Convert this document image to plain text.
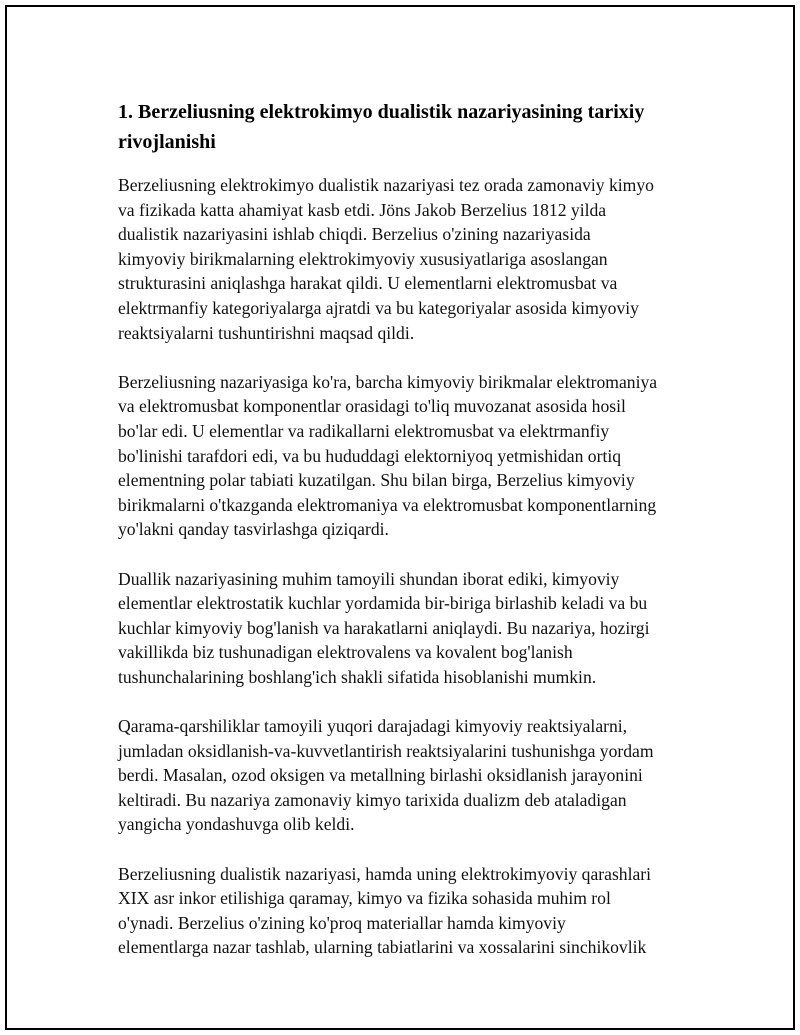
1. Berzeliusning elektrokimyo dualistik nazariyasining tarixiy rivojlanishi
Berzeliusning elektrokimyo dualistik nazariyasi tez orada zamonaviy kimyo
va fizikada katta ahamiyat kasb etdi. Jöns Jakob Berzelius 1812 yilda
dualistik nazariyasini ishlab chiqdi. Berzelius o'zining nazariyasida
kimyoviy birikmalarning elektrokimyoviy xususiyatlariga asoslangan
strukturasini aniqlashga harakat qildi. U elementlarni elektromusbat va
elektrmanfiy kategoriyalarga ajratdi va bu kategoriyalar asosida kimyoviy
reaktsiyalarni tushuntirishni maqsad qildi.
Berzeliusning nazariyasiga ko'ra, barcha kimyoviy birikmalar elektromaniya
va elektromusbat komponentlar orasidagi to'liq muvozanat asosida hosil
bo'lar edi. U elementlar va radikallarni elektromusbat va elektrmanfiy
bo'linishi tarafdori edi, va bu hududdagi elektorniyoq yetmishidan ortiq
elementning polar tabiati kuzatilgan. Shu bilan birga, Berzelius kimyoviy
birikmalarni o'tkazganda elektromaniya va elektromusbat komponentlarning
yo'lakni qanday tasvirlashga qiziqardi.
Duallik nazariyasining muhim tamoyili shundan iborat ediki, kimyoviy
elementlar elektrostatik kuchlar yordamida bir-biriga birlashib keladi va bu
kuchlar kimyoviy bog'lanish va harakatlarni aniqlaydi. Bu nazariya, hozirgi
vakillikda biz tushunadigan elektrovalens va kovalent bog'lanish
tushunchalarining boshlang'ich shakli sifatida hisoblanishi mumkin.
Qarama-qarshiliklar tamoyili yuqori darajadagi kimyoviy reaktsiyalarni,
jumladan oksidlanish-va-kuvvetlantirish reaktsiyalarini tushunishga yordam
berdi. Masalan, ozod oksigen va metallning birlashi oksidlanish jarayonini
keltiradi. Bu nazariya zamonaviy kimyo tarixida dualizm deb ataladigan
yangicha yondashuvga olib keldi.
Berzeliusning dualistik nazariyasi, hamda uning elektrokimyoviy qarashlari
XIX asr inkor etilishiga qaramay, kimyo va fizika sohasida muhim rol
o'ynadi. Berzelius o'zining ko'proq materiallar hamda kimyoviy
elementlarga nazar tashlab, ularning tabiatlarini va xossalarini sinchikovlik
